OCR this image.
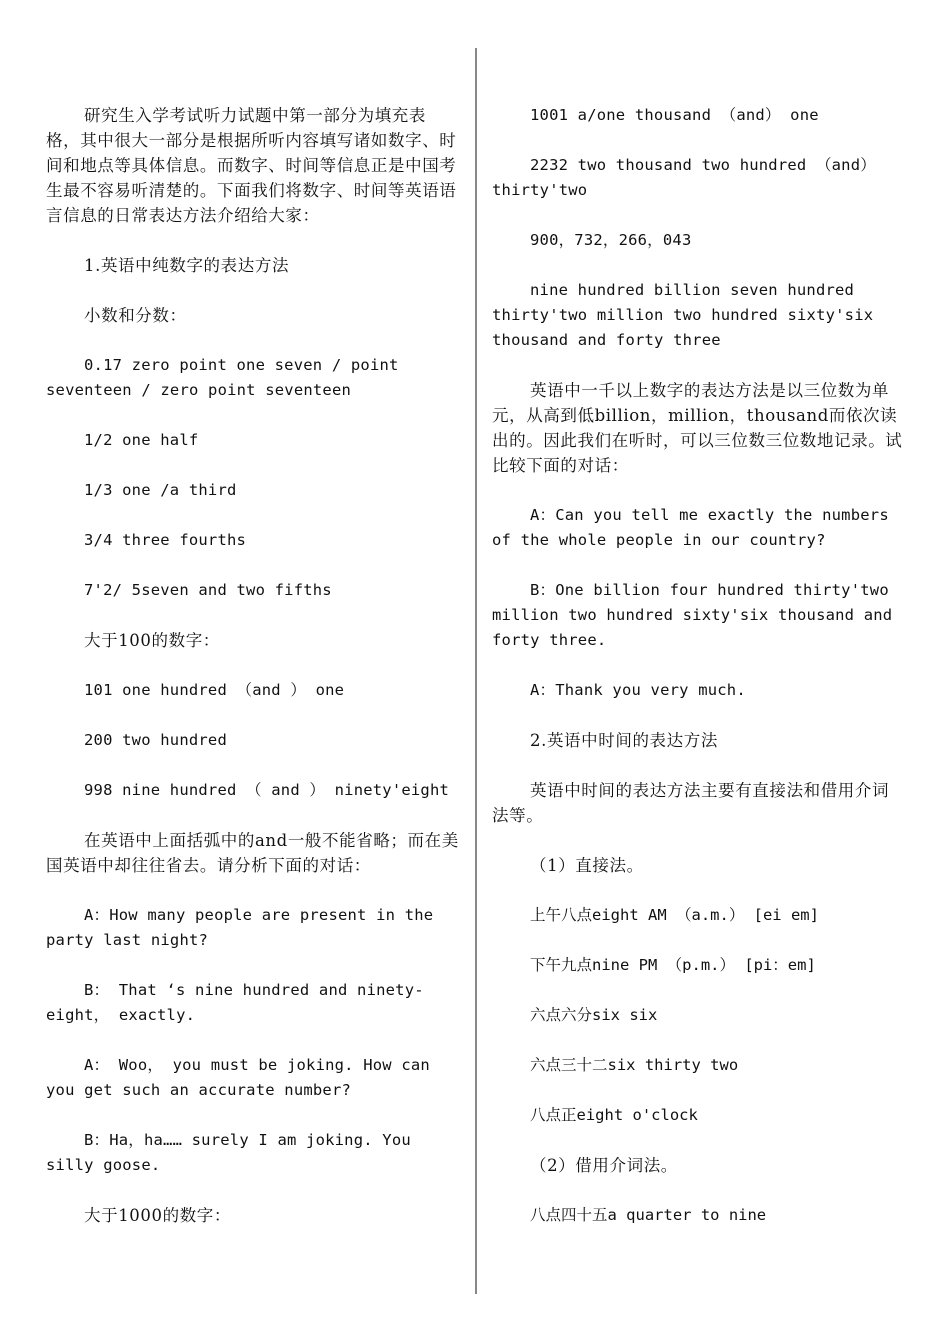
研究生入学考试听力试题中第一部分为填充表格，其中很大一部分是根据所听内容填写诸如数字、时间和地点等具体信息。而数字、时间等信息正是中国考生最不容易听清楚的。下面我们将数字、时间等英语语言信息的日常表达方法介绍给大家：

1.英语中纯数字的表达方法

小数和分数：

0.17 zero point one seven / point seventeen / zero point seventeen

1/2 one half

1/3 one /a third

3/4 three fourths

7'2/ 5seven and two fifths

大于100的数字：

101 one hundred （and ） one

200 two hundred

998 nine hundred （ and ） ninety'eight

在英语中上面括弧中的and一般不能省略；而在美国英语中却往往省去。请分析下面的对话：

A：How many people are present in the party last night?

B： That ‘s nine hundred and ninety-eight， exactly.

A： Woo， you must be joking. How can you get such an accurate number?

B：Ha，ha…… surely I am joking. You silly goose.

大于1000的数字：

1001 a/one thousand （and） one

2232 two thousand two hundred （and） thirty'two

900，732，266，043

nine hundred billion seven hundred thirty'two million two hundred sixty'six thousand and forty three

英语中一千以上数字的表达方法是以三位数为单元，从高到低billion，million，thousand而依次读出的。因此我们在听时，可以三位数三位数地记录。试比较下面的对话：

A：Can you tell me exactly the numbers of the whole people in our country?

B：One billion four hundred thirty'two million two hundred sixty'six thousand and forty three.

A：Thank you very much.

2.英语中时间的表达方法

英语中时间的表达方法主要有直接法和借用介词法等。

（1）直接法。

上午八点eight AM （a.m.） [ei em]

下午九点nine PM （p.m.） [pi：em]

六点六分six six

六点三十二six thirty two

八点正eight o'clock

（2）借用介词法。

八点四十五a quarter to nine
